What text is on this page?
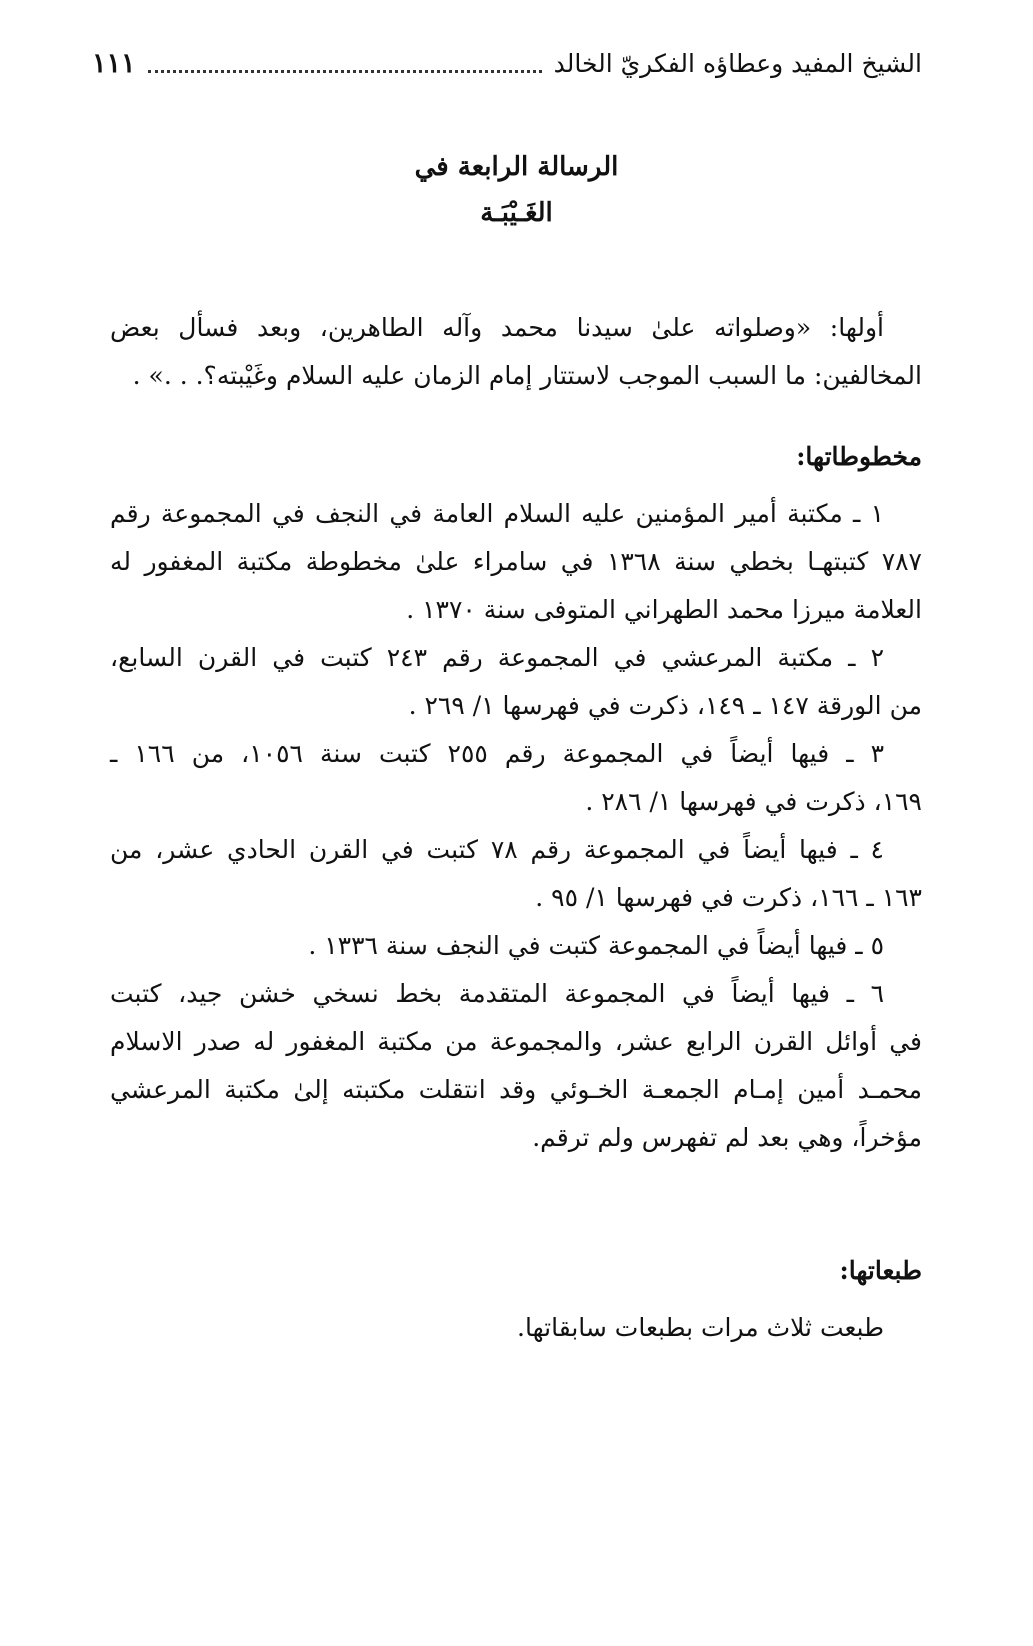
الشيخ المفيد وعطاؤه الفكريّ الخالد
١١١
الرسالة الرابعة في
الغَـيْبَـة
أولها: «وصلواته علىٰ سيدنا محمد وآله الطاهرين، وبعد فسأل بعض
المخالفين: ما السبب الموجب لاستتار إمام الزمان عليه السلام وغَيْبته؟. . .» .
مخطوطاتها:
١ ـ مكتبة أمير المؤمنين عليه السلام العامة في النجف في المجموعة رقم
٧٨٧ كتبتهـا بخطي سنة ١٣٦٨ في سامراء علىٰ مخطوطة مكتبة المغفور له
العلامة ميرزا محمد الطهراني المتوفى سنة ١٣٧٠ .
٢ ـ مكتبة المرعشي في المجموعة رقم ٢٤٣ كتبت في القرن السابع،
من الورقة ١٤٧ ـ ١٤٩، ذكرت في فهرسها ١/ ٢٦٩ .
٣ ـ فيها أيضاً في المجموعة رقم ٢٥٥ كتبت سنة ١٠٥٦، من ١٦٦ ـ
١٦٩، ذكرت في فهرسها ١/ ٢٨٦ .
٤ ـ فيها أيضاً في المجموعة رقم ٧٨ كتبت في القرن الحادي عشر، من
١٦٣ ـ ١٦٦، ذكرت في فهرسها ١/ ٩٥ .
٥ ـ فيها أيضاً في المجموعة كتبت في النجف سنة ١٣٣٦ .
٦ ـ فيها أيضاً في المجموعة المتقدمة بخط نسخي خشن جيد، كتبت
في أوائل القرن الرابع عشر، والمجموعة من مكتبة المغفور له صدر الاسلام
محمـد أمين إمـام الجمعـة الخـوئي وقد انتقلت مكتبته إلىٰ مكتبة المرعشي
مؤخراً، وهي بعد لم تفهرس ولم ترقم.
طبعاتها:
طبعت ثلاث مرات بطبعات سابقاتها.
